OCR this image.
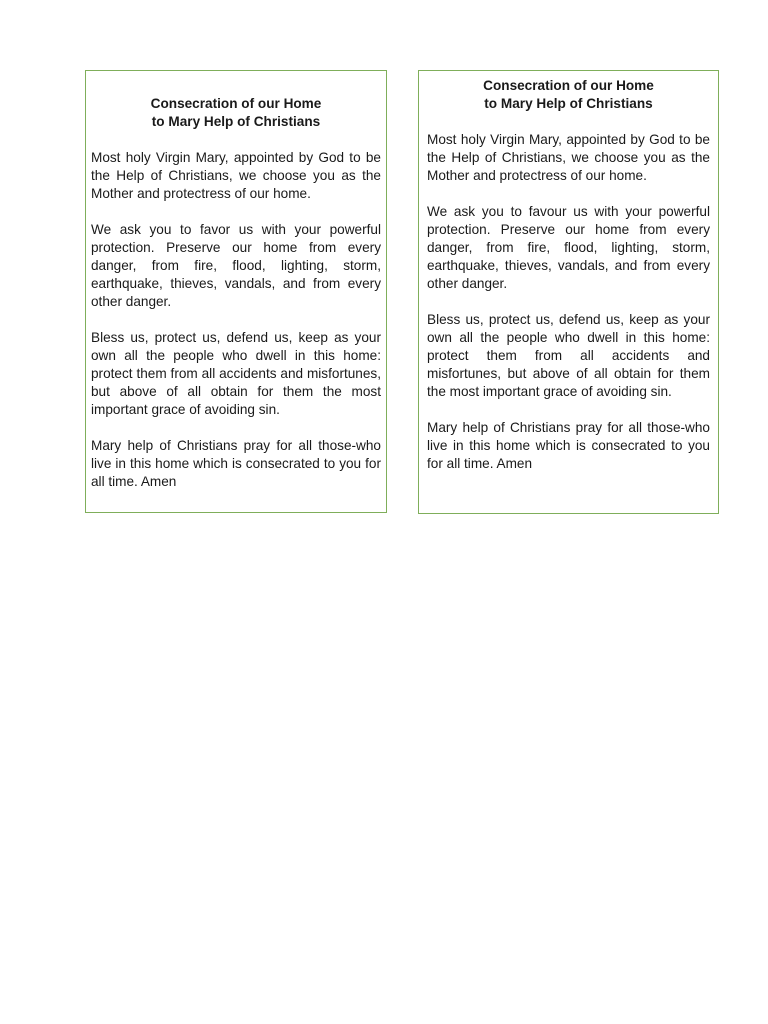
Consecration of our Home
to Mary Help of Christians

Most holy Virgin Mary, appointed by God to be the Help of Christians, we choose you as the Mother and protectress of our home.

We ask you to favor us with your powerful protection. Preserve our home from every danger, from fire, flood, lighting, storm, earthquake, thieves, vandals, and from every other danger.

Bless us, protect us, defend us, keep as your own all the people who dwell in this home: protect them from all accidents and misfortunes, but above of all obtain for them the most important grace of avoiding sin.

Mary help of Christians pray for all those-who live in this home which is consecrated to you for all time. Amen

Consecration of our Home
to Mary Help of Christians

Most holy Virgin Mary, appointed by God to be the Help of Christians, we choose you as the Mother and protectress of our home.

We ask you to favour us with your powerful protection. Preserve our home from every danger, from fire, flood, lighting, storm, earthquake, thieves, vandals, and from every other danger.

Bless us, protect us, defend us, keep as your own all the people who dwell in this home: protect them from all accidents and misfortunes, but above of all obtain for them the most important grace of avoiding sin.

Mary help of Christians pray for all those-who live in this home which is consecrated to you for all time. Amen
